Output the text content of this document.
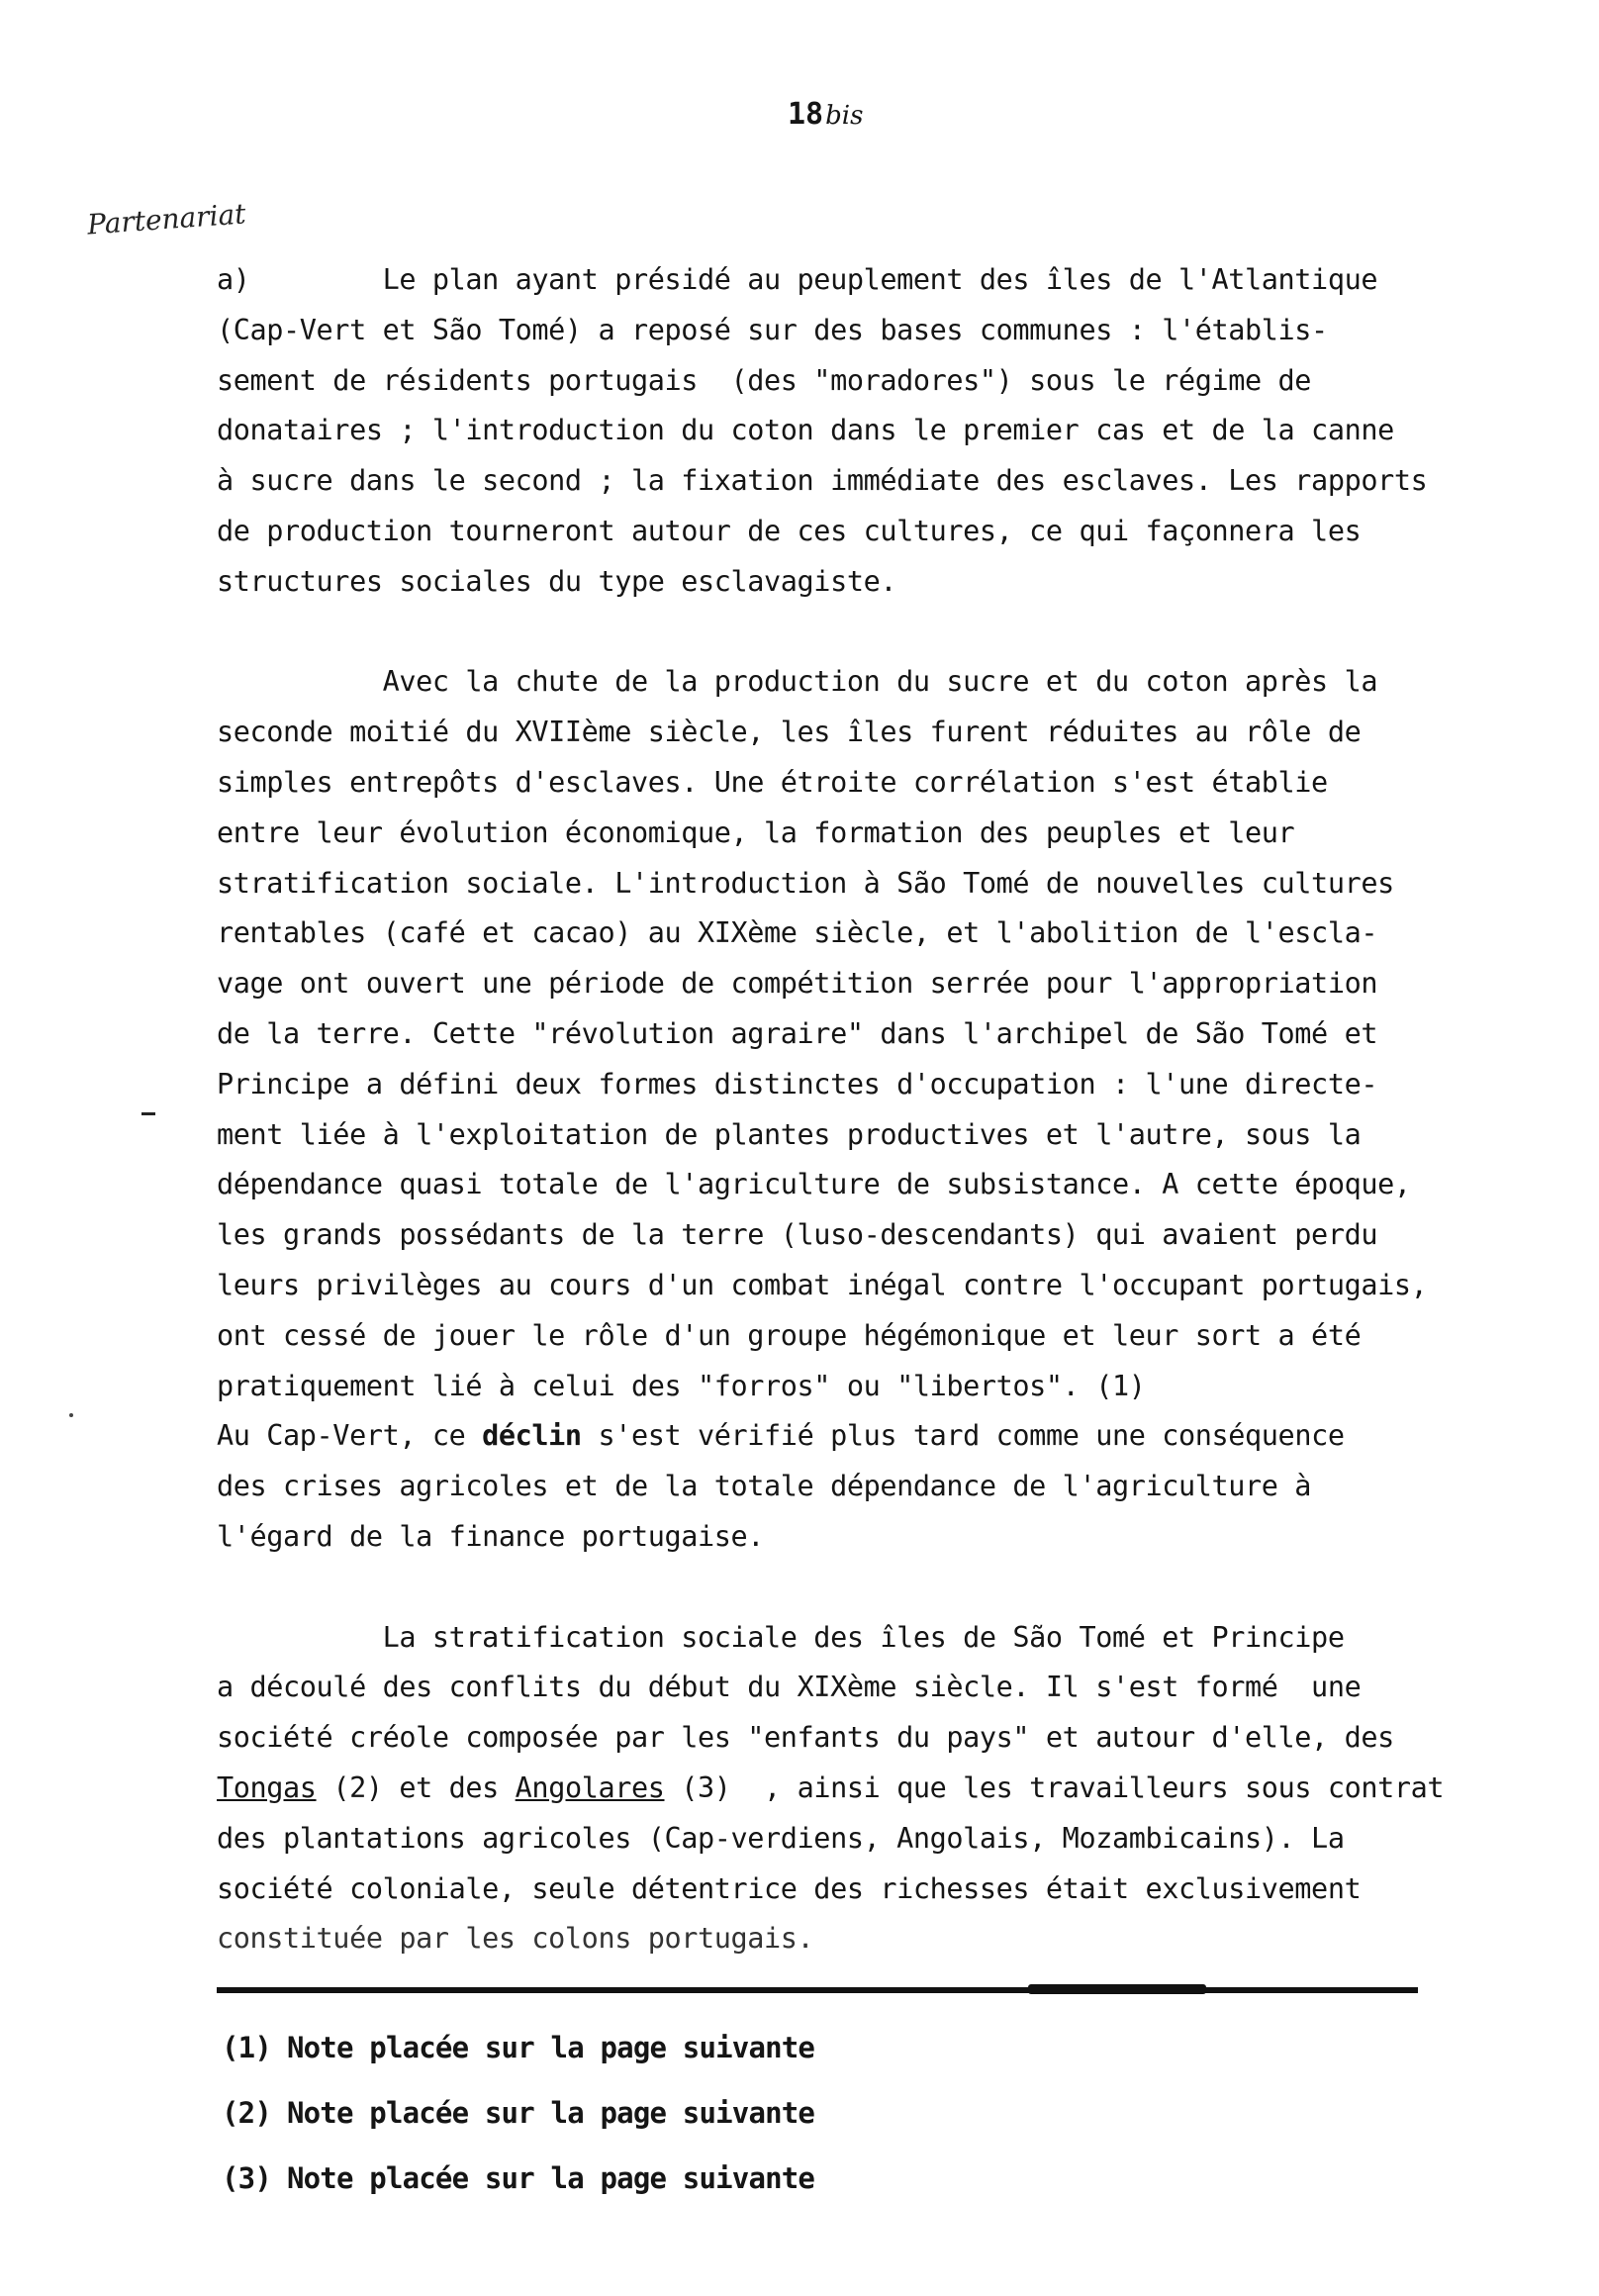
18bis
Partenariat
a)        Le plan ayant présidé au peuplement des îles de l'Atlantique
(Cap-Vert et São Tomé) a reposé sur des bases communes : l'établis-
sement de résidents portugais  (des "moradores") sous le régime de
donataires ; l'introduction du coton dans le premier cas et de la canne
à sucre dans le second ; la fixation immédiate des esclaves. Les rapports
de production tourneront autour de ces cultures, ce qui façonnera les
structures sociales du type esclavagiste.
Avec la chute de la production du sucre et du coton après la
seconde moitié du XVIIème siècle, les îles furent réduites au rôle de
simples entrepôts d'esclaves. Une étroite corrélation s'est établie
entre leur évolution économique, la formation des peuples et leur
stratification sociale. L'introduction à São Tomé de nouvelles cultures
rentables (café et cacao) au XIXème siècle, et l'abolition de l'escla-
vage ont ouvert une période de compétition serrée pour l'appropriation
de la terre. Cette "révolution agraire" dans l'archipel de São Tomé et
Principe a défini deux formes distinctes d'occupation : l'une directe-
ment liée à l'exploitation de plantes productives et l'autre, sous la
dépendance quasi totale de l'agriculture de subsistance. A cette époque,
les grands possédants de la terre (luso-descendants) qui avaient perdu
leurs privilèges au cours d'un combat inégal contre l'occupant portugais,
ont cessé de jouer le rôle d'un groupe hégémonique et leur sort a été
pratiquement lié à celui des "forros" ou "libertos". (1)
Au Cap-Vert, ce déclin s'est vérifié plus tard comme une conséquence
des crises agricoles et de la totale dépendance de l'agriculture à
l'égard de la finance portugaise.
La stratification sociale des îles de São Tomé et Principe
a découlé des conflits du début du XIXème siècle. Il s'est formé  une
société créole composée par les "enfants du pays" et autour d'elle, des
Tongas (2) et des Angolares (3)  , ainsi que les travailleurs sous contrat
des plantations agricoles (Cap-verdiens, Angolais, Mozambicains). La
société coloniale, seule détentrice des richesses était exclusivement
constituée par les colons portugais.
(1) Note placée sur la page suivante
(2) Note placée sur la page suivante
(3) Note placée sur la page suivante
